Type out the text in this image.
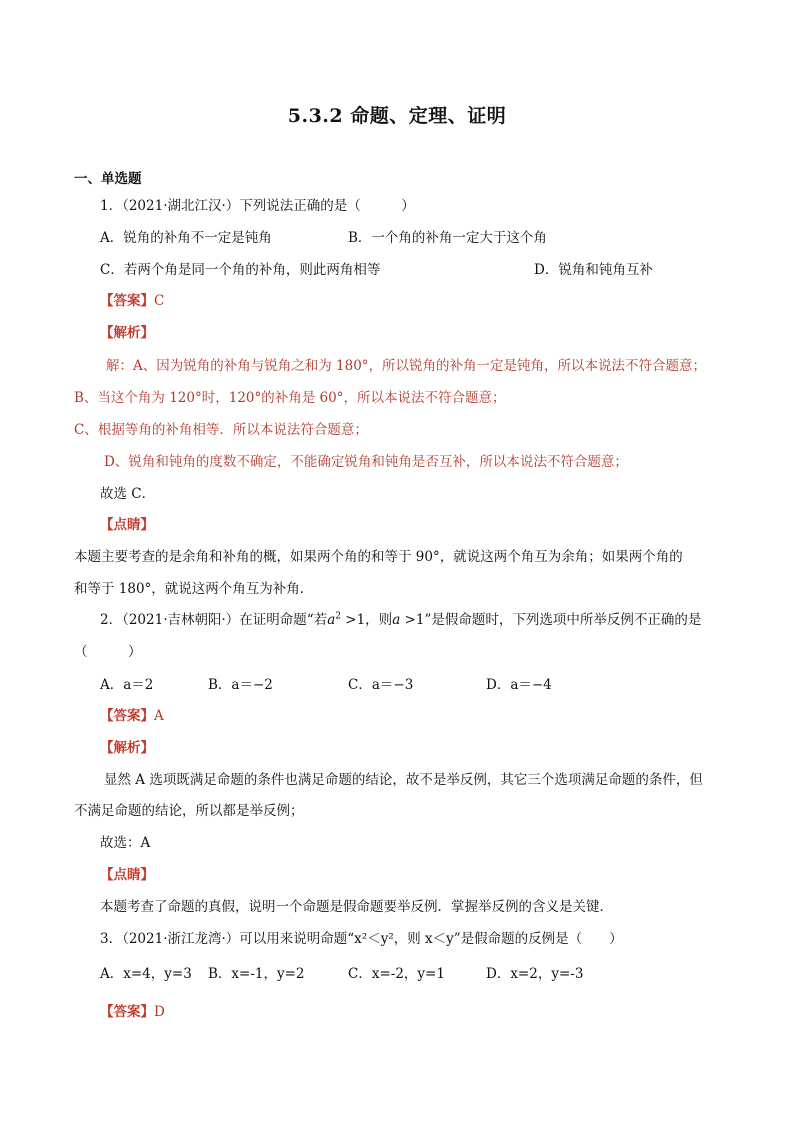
5.3.2 命题、定理、证明
一、单选题
1．（2021·湖北江汉·）下列说法正确的是（　　　）
A．锐角的补角不一定是钝角	B．一个角的补角一定大于这个角
C．若两个角是同一个角的补角，则此两角相等	D．锐角和钝角互补
【答案】C
【解析】
解：A、因为锐角的补角与锐角之和为 180°，所以锐角的补角一定是钝角，所以本说法不符合题意；
B、当这个角为 120°时，120°的补角是 60°，所以本说法不符合题意；
C、根据等角的补角相等．所以本说法符合题意；
D、锐角和钝角的度数不确定，不能确定锐角和钝角是否互补，所以本说法不符合题意；
故选 C．
【点睛】
本题主要考查的是余角和补角的概，如果两个角的和等于 90°，就说这两个角互为余角；如果两个角的
和等于 180°，就说这两个角互为补角．
2．（2021·吉林朝阳·）在证明命题“若$a^2 >1$，则a >1”是假命题时，下列选项中所举反例不正确的是
（　　　）
A．a＝2	B．a＝−2	C．a＝−3	D．a＝−4
【答案】A
【解析】
显然 A 选项既满足命题的条件也满足命题的结论，故不是举反例，其它三个选项满足命题的条件，但
不满足命题的结论，所以都是举反例；
故选：A
【点睛】
本题考查了命题的真假，说明一个命题是假命题要举反例．掌握举反例的含义是关键．
3．（2021·浙江龙湾·）可以用来说明命题“x²＜y²，则 x＜y”是假命题的反例是（　　）
A．x=4，y=3 B．x=-1，y=2	C．x=-2，y=1	D．x=2，y=-3
【答案】D
